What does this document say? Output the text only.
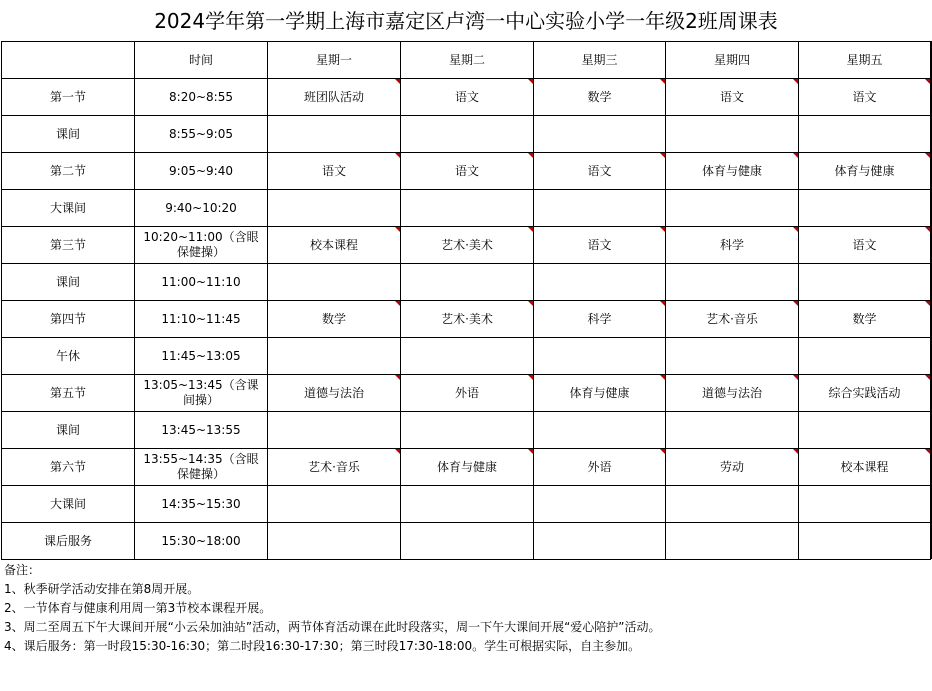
2024学年第一学期上海市嘉定区卢湾一中心实验小学一年级2班周课表
	时间	星期一	星期二	星期三	星期四	星期五
第一节	8:20~8:55	班团队活动	语文	数学	语文	语文
课间	8:55~9:05					
第二节	9:05~9:40	语文	语文	语文	体育与健康	体育与健康
大课间	9:40~10:20					
第三节	10:20~11:00（含眼保健操）	校本课程	艺术·美术	语文	科学	语文
课间	11:00~11:10					
第四节	11:10~11:45	数学	艺术·美术	科学	艺术·音乐	数学
午休	11:45~13:05					
第五节	13:05~13:45（含课间操）	道德与法治	外语	体育与健康	道德与法治	综合实践活动
课间	13:45~13:55					
第六节	13:55~14:35（含眼保健操）	艺术·音乐	体育与健康	外语	劳动	校本课程
大课间	14:35~15:30					
课后服务	15:30~18:00					
备注：
1、秋季研学活动安排在第8周开展。
2、一节体育与健康利用周一第3节校本课程开展。
3、周二至周五下午大课间开展“小云朵加油站”活动，两节体育活动课在此时段落实，周一下午大课间开展“爱心陪护”活动。
4、课后服务：第一时段15:30-16:30；第二时段16:30-17:30；第三时段17:30-18:00。学生可根据实际，自主参加。
